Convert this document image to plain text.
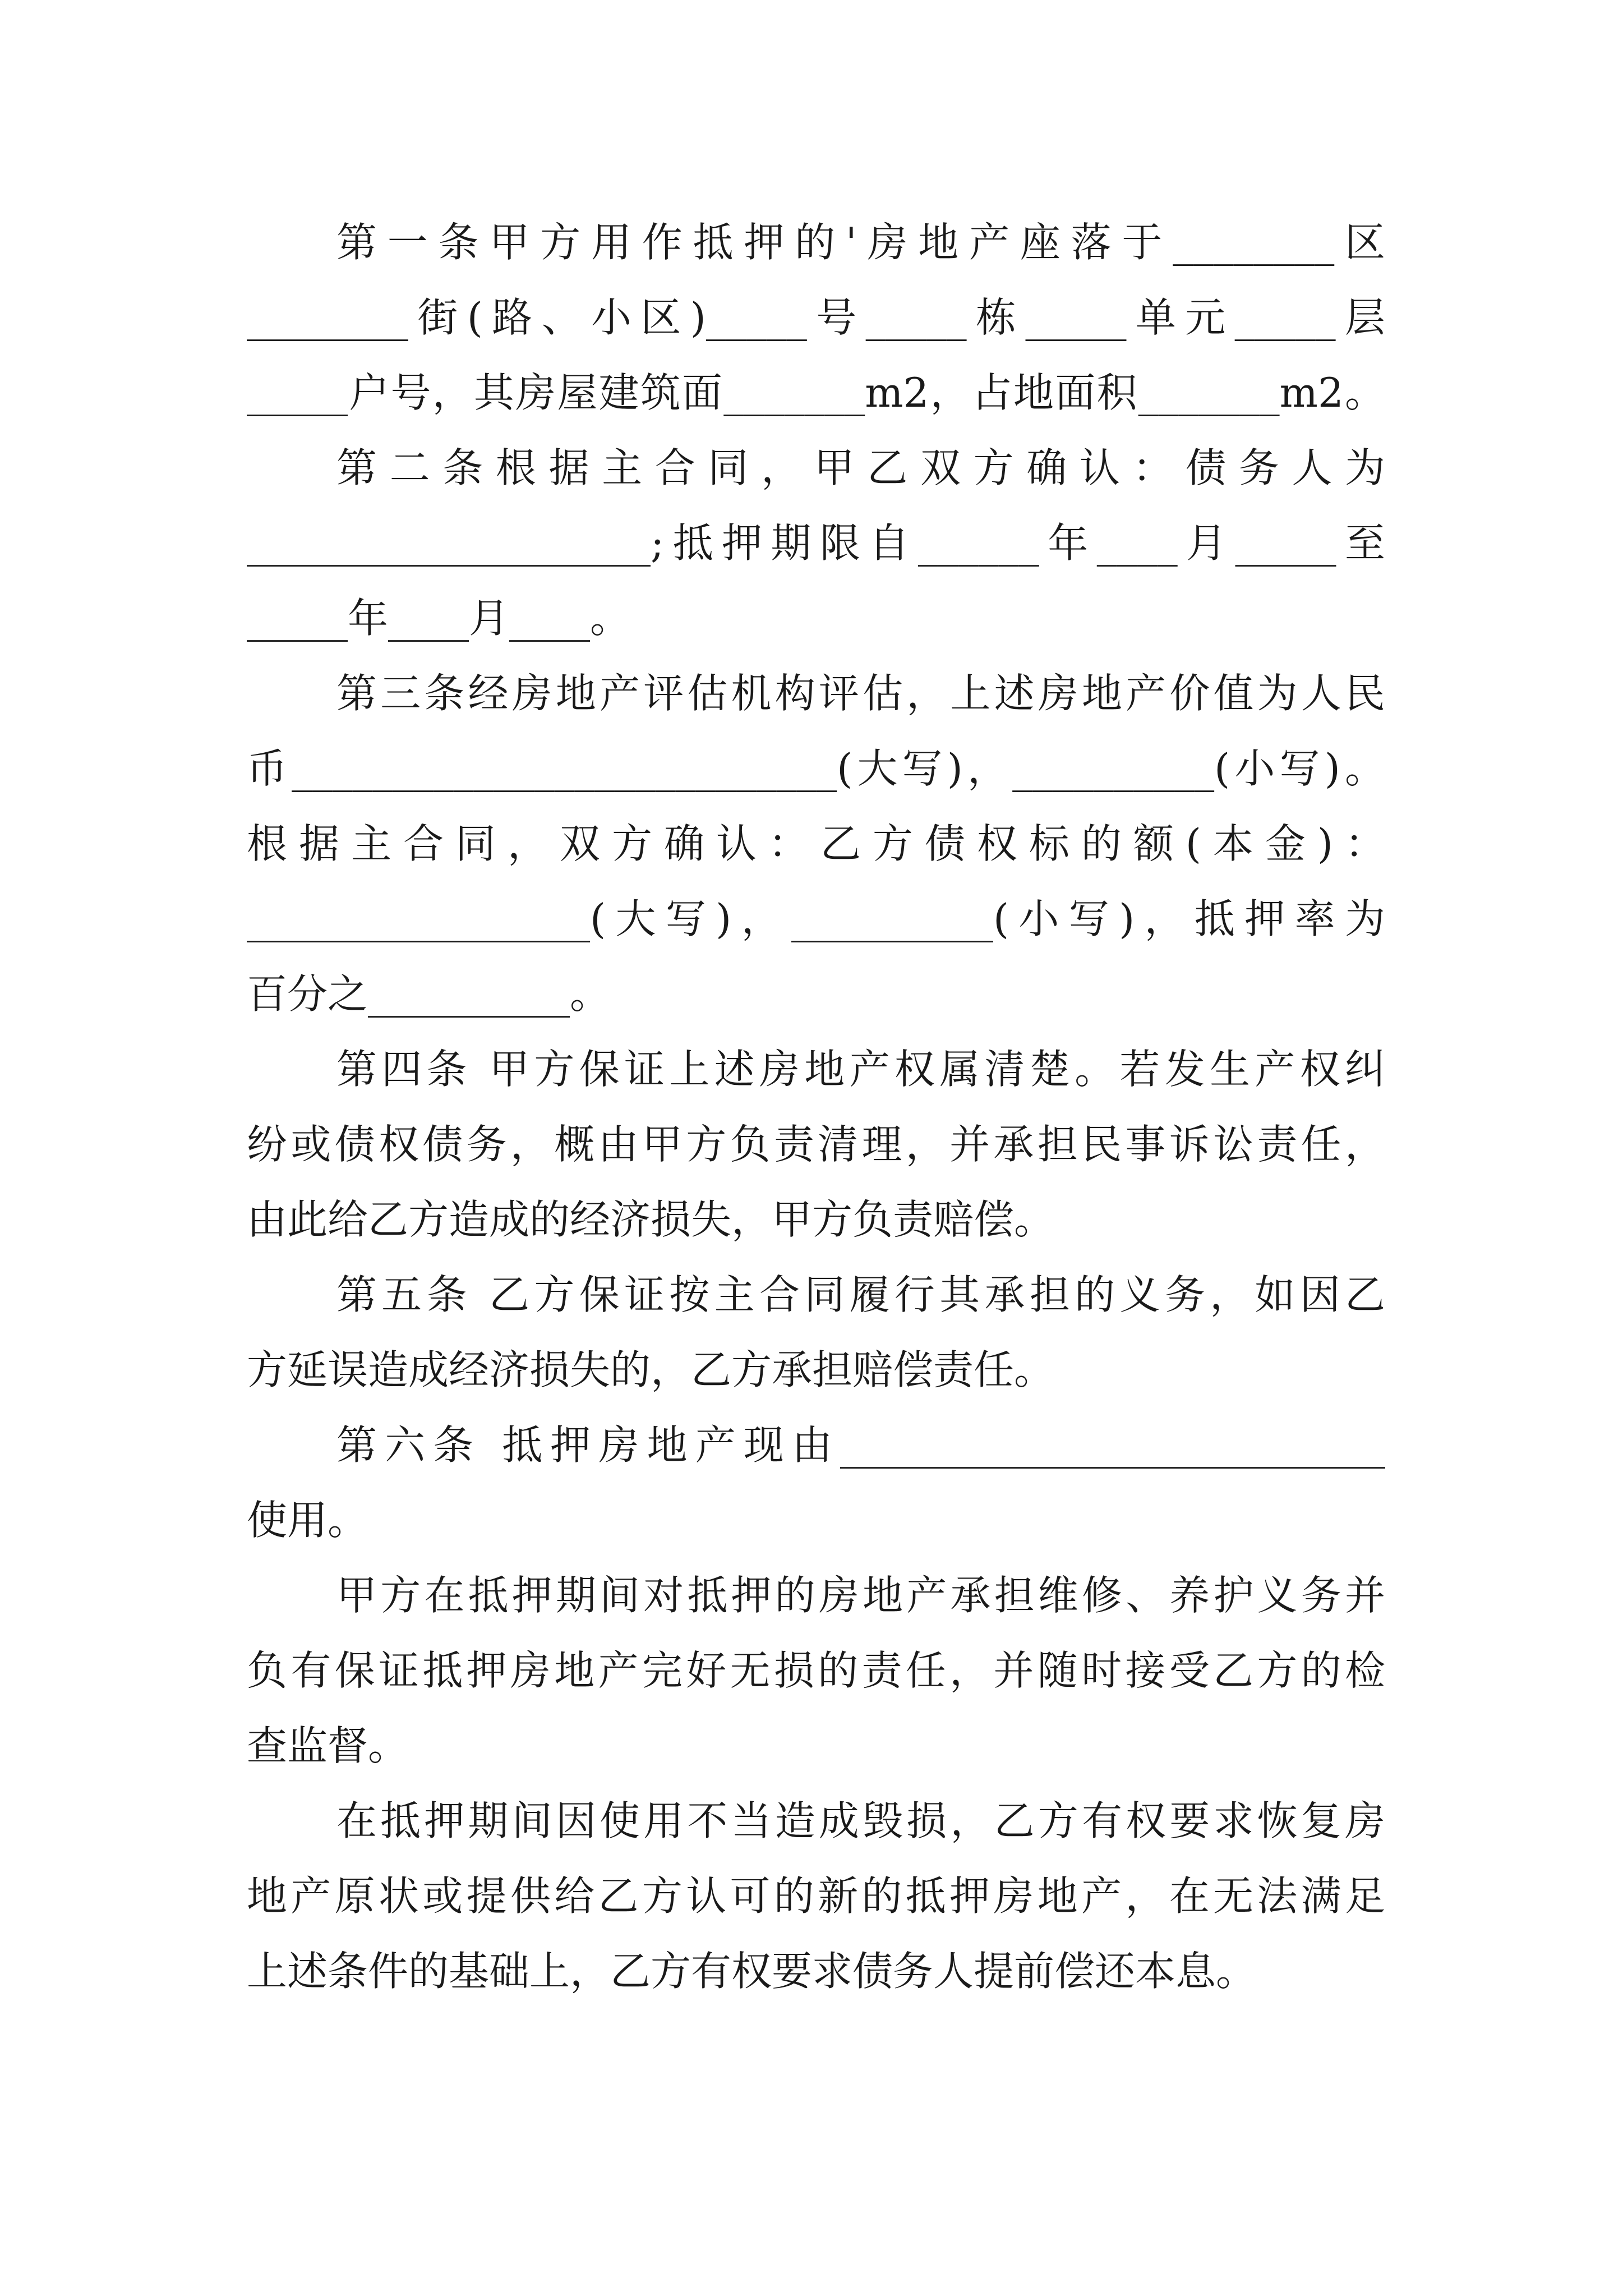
第一条甲方用作抵押的'房地产座落于________区
________街(路、小区)_____号_____栋_____单元_____层
_____户号，其房屋建筑面_______m2，占地面积_______m2。
第二条根据主合同，甲乙双方确认：债务人为
____________________;抵押期限自______年____月_____至
_____年____月____。
第三条经房地产评估机构评估，上述房地产价值为人民
币___________________________(大写)，__________(小写)。
根据主合同，双方确认：乙方债权标的额(本金)：
_________________(大写)，__________(小写)，抵押率为
百分之__________。
第四条 甲方保证上述房地产权属清楚。若发生产权纠
纷或债权债务，概由甲方负责清理，并承担民事诉讼责任，
由此给乙方造成的经济损失，甲方负责赔偿。
第五条 乙方保证按主合同履行其承担的义务，如因乙
方延误造成经济损失的，乙方承担赔偿责任。
第六条 抵押房地产现由___________________________
使用。
甲方在抵押期间对抵押的房地产承担维修、养护义务并
负有保证抵押房地产完好无损的责任，并随时接受乙方的检
查监督。
在抵押期间因使用不当造成毁损，乙方有权要求恢复房
地产原状或提供给乙方认可的新的抵押房地产，在无法满足
上述条件的基础上，乙方有权要求债务人提前偿还本息。
